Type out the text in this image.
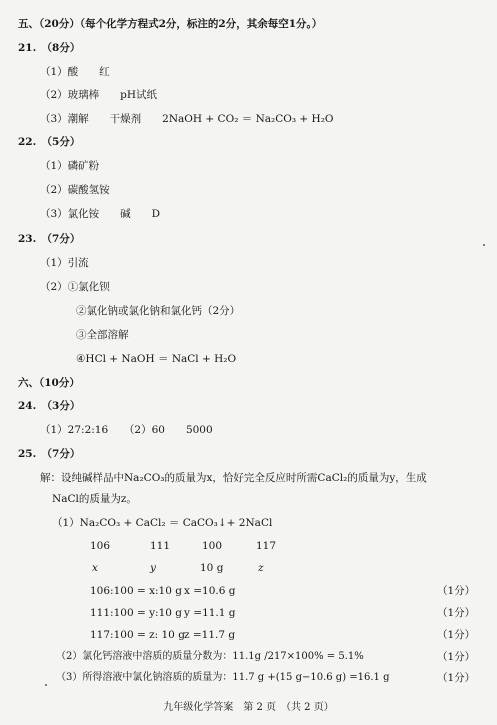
五、（20分）（每个化学方程式2分，标注的2分，其余每空1分。）
21.　（8分）
（1）酸　　红
（2）玻璃棒　　pH试纸
（3）潮解　　干燥剂　　2NaOH + CO₂ ＝ Na₂CO₃ + H₂O
22.　（5分）
（1）磷矿粉
（2）碳酸氢铵
（3）氯化铵　　碱　　D
23.　（7分）
（1）引流
（2）①氯化钡
②氯化钠或氯化钠和氯化钙（2分）
③全部溶解
④HCl + NaOH ＝ NaCl + H₂O
六、（10分）
24.　（3分）
（1）27:2:16　　（2）60　　5000
25.　（7分）
解：设纯碱样品中Na₂CO₃的质量为x，恰好完全反应时所需CaCl₂的质量为y，生成
NaCl的质量为z。
（1）Na₂CO₃ + CaCl₂ ＝ CaCO₃↓+ 2NaCl
106	111	100	117
x	y	10 g	z
106:100 = x:10 g x =10.6 g	（1分）
111:100 = y:10 g y =11.1 g	（1分）
117:100 = z: 10 g z =11.7 g	（1分）
（2）氯化钙溶液中溶质的质量分数为：11.1g /217×100% = 5.1%	（1分）
（3）所得溶液中氯化钠溶质的质量为：11.7 g +(15 g−10.6 g) =16.1 g	（1分）
九年级化学答案　第 2 页　（共 2 页）
